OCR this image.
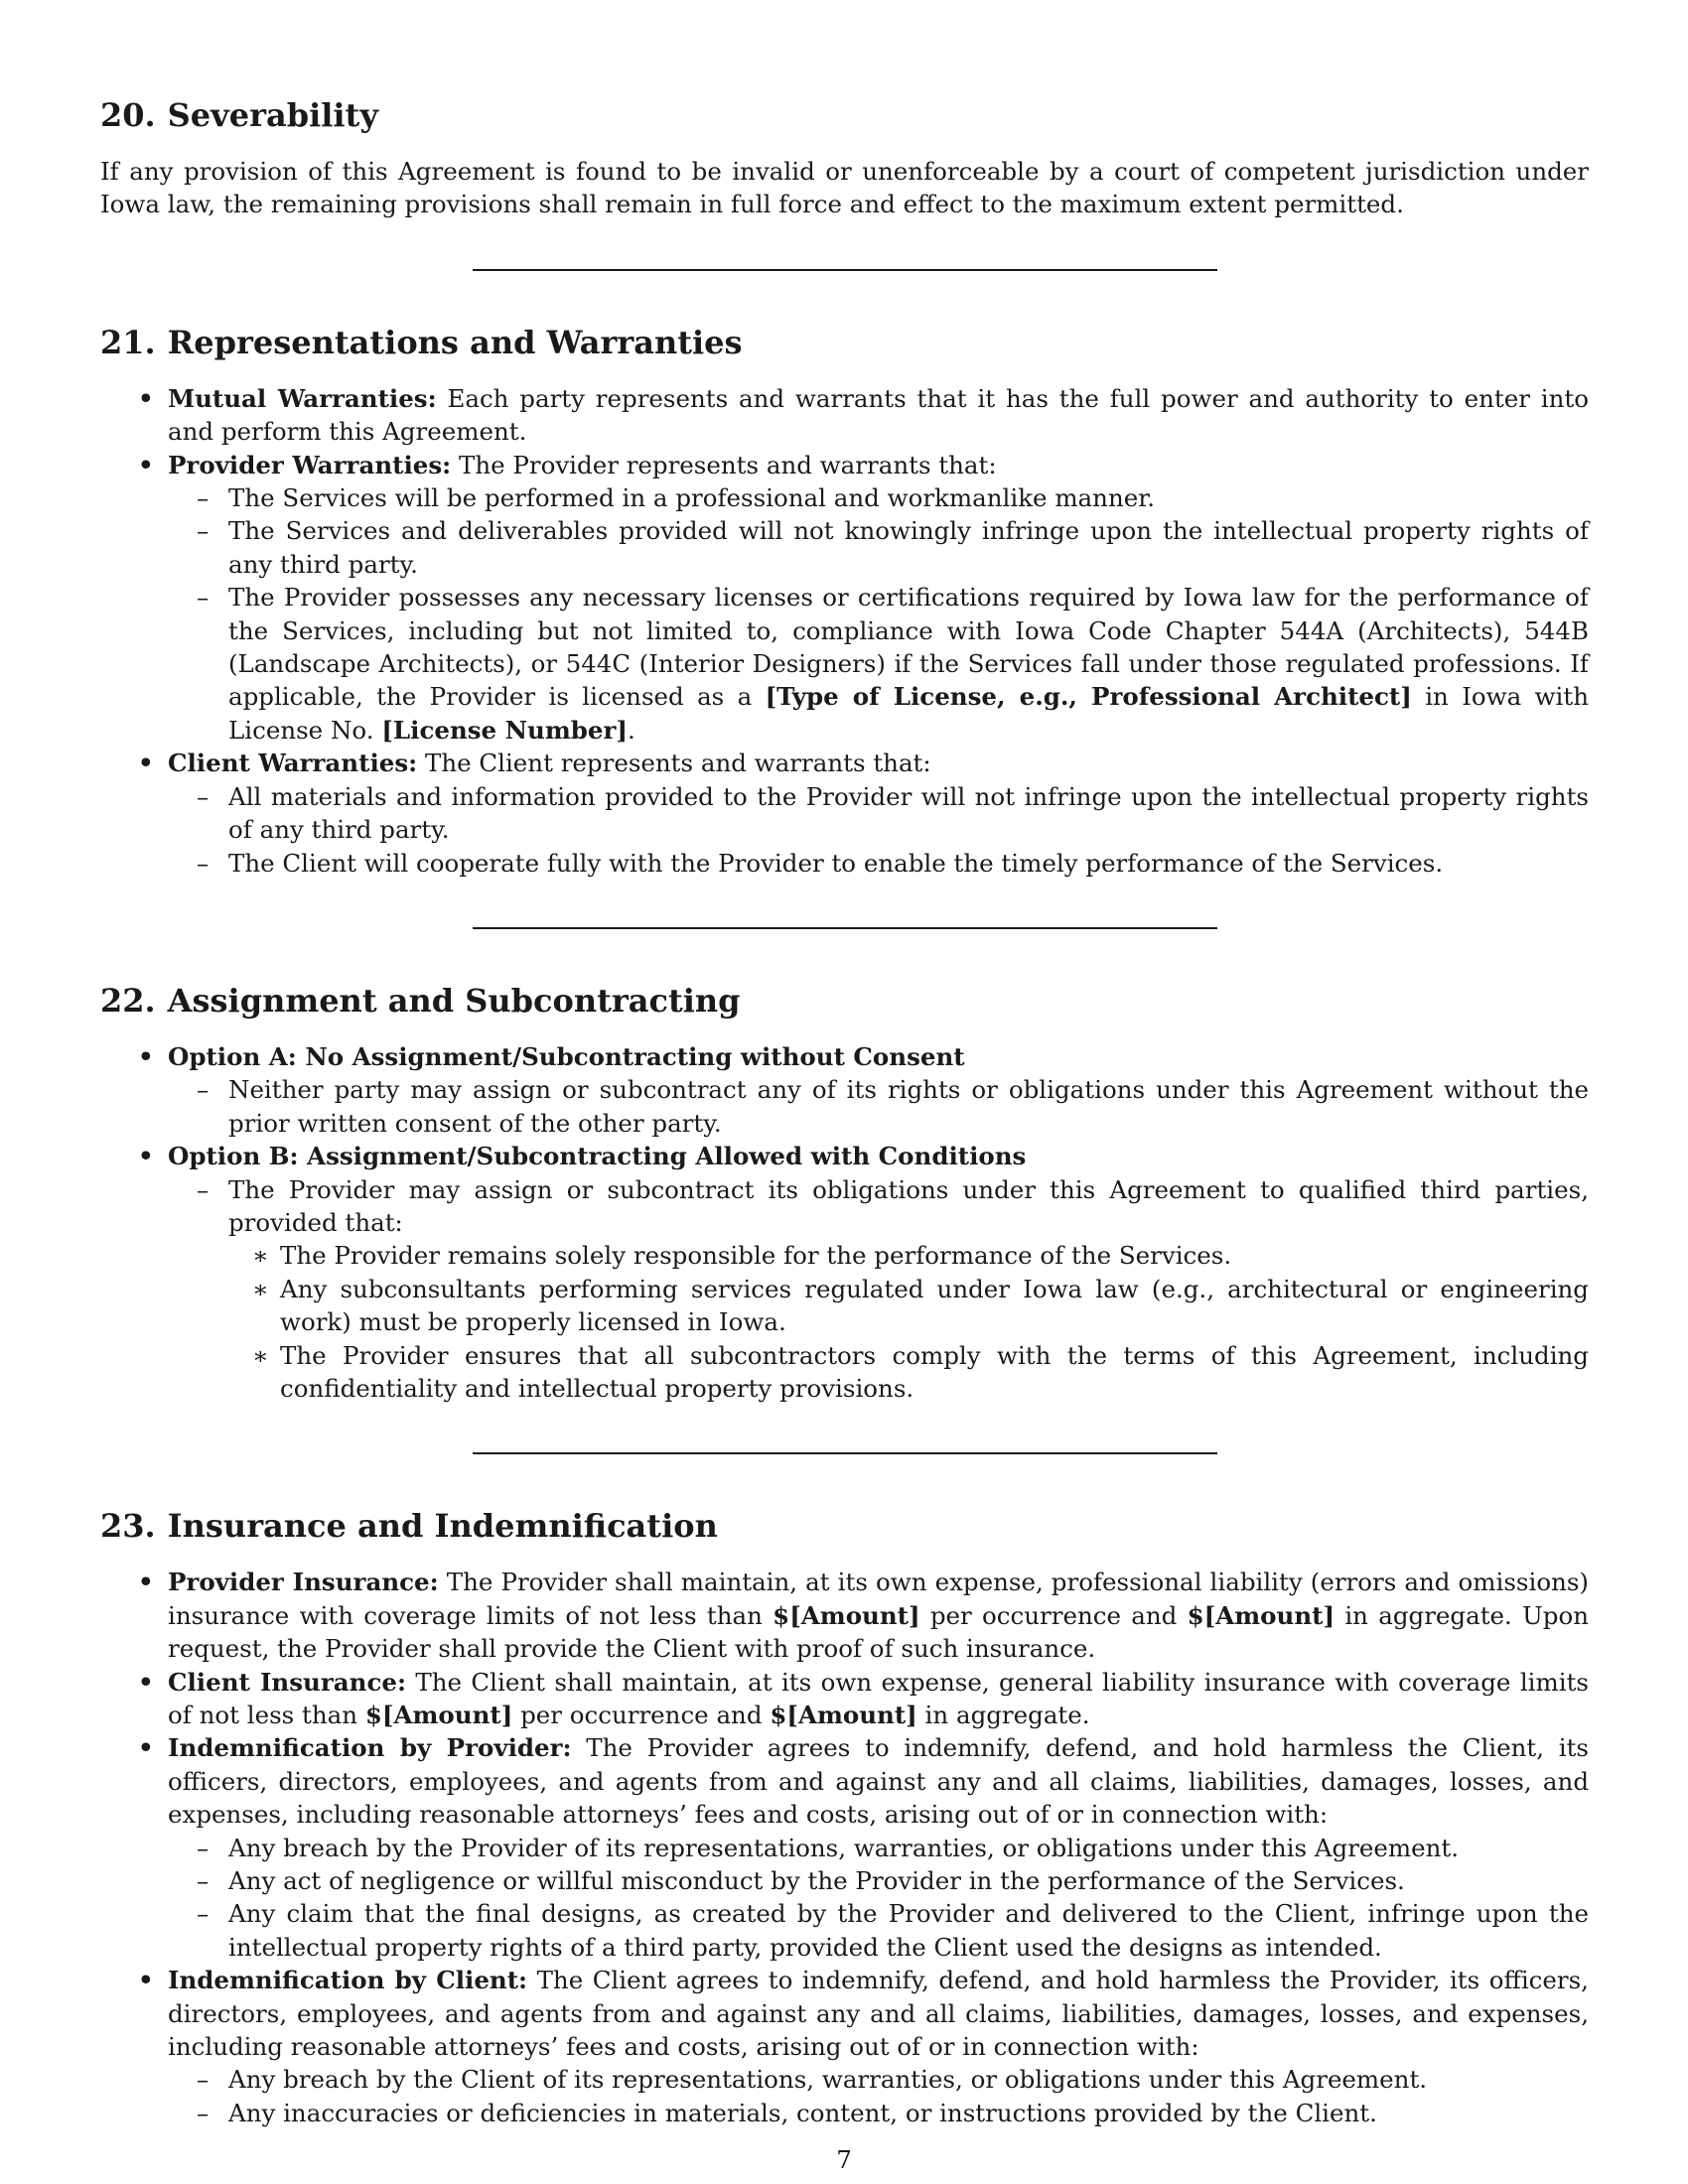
20. Severability

If any provision of this Agreement is found to be invalid or unenforceable by a court of competent jurisdiction under Iowa law, the remaining provisions shall remain in full force and effect to the maximum extent permitted.

21. Representations and Warranties
• Mutual Warranties: Each party represents and warrants that it has the full power and authority to enter into and perform this Agreement.
• Provider Warranties: The Provider represents and warrants that:
– The Services will be performed in a professional and workmanlike manner.
– The Services and deliverables provided will not knowingly infringe upon the intellectual property rights of any third party.
– The Provider possesses any necessary licenses or certifications required by Iowa law for the performance of the Services, including but not limited to, compliance with Iowa Code Chapter 544A (Architects), 544B (Landscape Architects), or 544C (Interior Designers) if the Services fall under those regulated professions. If applicable, the Provider is licensed as a [Type of License, e.g., Professional Architect] in Iowa with License No. [License Number].
• Client Warranties: The Client represents and warrants that:
– All materials and information provided to the Provider will not infringe upon the intellectual property rights of any third party.
– The Client will cooperate fully with the Provider to enable the timely performance of the Services.
22. Assignment and Subcontracting
• Option A: No Assignment/Subcontracting without Consent
– Neither party may assign or subcontract any of its rights or obligations under this Agreement without the prior written consent of the other party.
• Option B: Assignment/Subcontracting Allowed with Conditions
– The Provider may assign or subcontract its obligations under this Agreement to qualified third parties, provided that:
∗ The Provider remains solely responsible for the performance of the Services.
∗ Any subconsultants performing services regulated under Iowa law (e.g., architectural or engineering work) must be properly licensed in Iowa.
∗ The Provider ensures that all subcontractors comply with the terms of this Agreement, including confidentiality and intellectual property provisions.
23. Insurance and Indemnification
• Provider Insurance: The Provider shall maintain, at its own expense, professional liability (errors and omissions) insurance with coverage limits of not less than $[Amount] per occurrence and $[Amount] in aggregate. Upon request, the Provider shall provide the Client with proof of such insurance.
• Client Insurance: The Client shall maintain, at its own expense, general liability insurance with coverage limits of not less than $[Amount] per occurrence and $[Amount] in aggregate.
• Indemnification by Provider: The Provider agrees to indemnify, defend, and hold harmless the Client, its officers, directors, employees, and agents from and against any and all claims, liabilities, damages, losses, and expenses, including reasonable attorneys’ fees and costs, arising out of or in connection with:
– Any breach by the Provider of its representations, warranties, or obligations under this Agreement.
– Any act of negligence or willful misconduct by the Provider in the performance of the Services.
– Any claim that the final designs, as created by the Provider and delivered to the Client, infringe upon the intellectual property rights of a third party, provided the Client used the designs as intended.
• Indemnification by Client: The Client agrees to indemnify, defend, and hold harmless the Provider, its officers, directors, employees, and agents from and against any and all claims, liabilities, damages, losses, and expenses, including reasonable attorneys’ fees and costs, arising out of or in connection with:
– Any breach by the Client of its representations, warranties, or obligations under this Agreement.
– Any inaccuracies or deficiencies in materials, content, or instructions provided by the Client.
7
